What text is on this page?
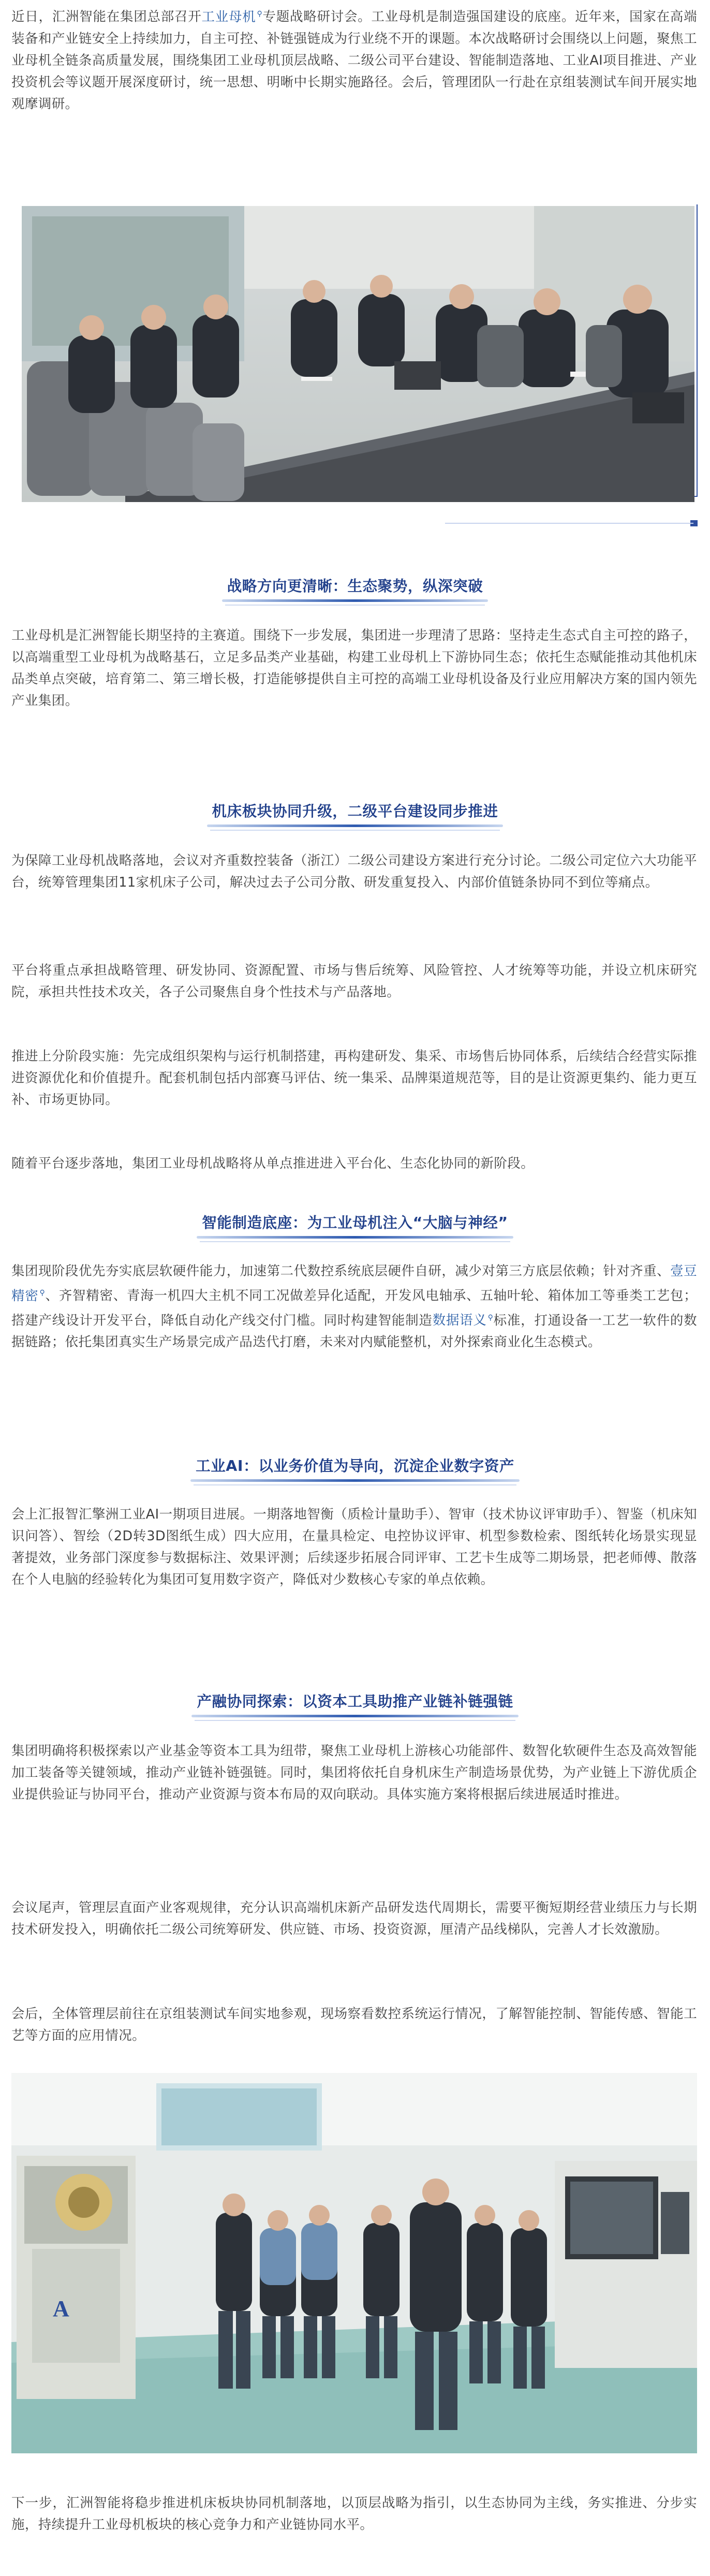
近日，汇洲智能在集团总部召开工业母机 ⚲专题战略研讨会。工业母机是制造强国建设的底座。近年来，国家在高端装备和产业链安全上持续加力，自主可控、补链强链成为行业绕不开的课题。本次战略研讨会围绕以上问题，聚焦工业母机全链条高质量发展，围绕集团工业母机顶层战略、二级公司平台建设、智能制造落地、工业AI项目推进、产业投资机会等议题开展深度研讨，统一思想、明晰中长期实施路径。会后，管理团队一行赴在京组装测试车间开展实地观摩调研。

战略方向更清晰：生态聚势，纵深突破

工业母机是汇洲智能长期坚持的主赛道。围绕下一步发展，集团进一步理清了思路：坚持走生态式自主可控的路子，以高端重型工业母机为战略基石，立足多品类产业基础，构建工业母机上下游协同生态；依托生态赋能推动其他机床品类单点突破，培育第二、第三增长极，打造能够提供自主可控的高端工业母机设备及行业应用解决方案的国内领先产业集团。

机床板块协同升级，二级平台建设同步推进

为保障工业母机战略落地，会议对齐重数控装备（浙江）二级公司建设方案进行充分讨论。二级公司定位六大功能平台，统筹管理集团11家机床子公司，解决过去子公司分散、研发重复投入、内部价值链条协同不到位等痛点。

平台将重点承担战略管理、研发协同、资源配置、市场与售后统筹、风险管控、人才统筹等功能，并设立机床研究院，承担共性技术攻关，各子公司聚焦自身个性技术与产品落地。

推进上分阶段实施：先完成组织架构与运行机制搭建，再构建研发、集采、市场售后协同体系，后续结合经营实际推进资源优化和价值提升。配套机制包括内部赛马评估、统一集采、品牌渠道规范等，目的是让资源更集约、能力更互补、市场更协同。

随着平台逐步落地，集团工业母机战略将从单点推进进入平台化、生态化协同的新阶段。

智能制造底座：为工业母机注入“大脑与神经”

集团现阶段优先夯实底层软硬件能力，加速第二代数控系统底层硬件自研，减少对第三方底层依赖；针对齐重、壹豆精密 ⚲、齐智精密、青海一机四大主机不同工况做差异化适配，开发风电轴承、五轴叶轮、箱体加工等垂类工艺包；搭建产线设计开发平台，降低自动化产线交付门槛。同时构建智能制造数据语义 ⚲标准，打通设备一工艺一软件的数据链路；依托集团真实生产场景完成产品迭代打磨，未来对内赋能整机，对外探索商业化生态模式。

工业AI：以业务价值为导向，沉淀企业数字资产

会上汇报智汇擎洲工业AI一期项目进展。一期落地智衡（质检计量助手）、智审（技术协议评审助手）、智鉴（机床知识问答）、智绘（2D转3D图纸生成）四大应用，在量具检定、电控协议评审、机型参数检索、图纸转化场景实现显著提效，业务部门深度参与数据标注、效果评测；后续逐步拓展合同评审、工艺卡生成等二期场景，把老师傅、散落在个人电脑的经验转化为集团可复用数字资产，降低对少数核心专家的单点依赖。

产融协同探索：以资本工具助推产业链补链强链

集团明确将积极探索以产业基金等资本工具为纽带，聚焦工业母机上游核心功能部件、数智化软硬件生态及高效智能加工装备等关键领域，推动产业链补链强链。同时，集团将依托自身机床生产制造场景优势，为产业链上下游优质企业提供验证与协同平台，推动产业资源与资本布局的双向联动。具体实施方案将根据后续进展适时推进。

会议尾声，管理层直面产业客观规律，充分认识高端机床新产品研发迭代周期长，需要平衡短期经营业绩压力与长期技术研发投入，明确依托二级公司统筹研发、供应链、市场、投资资源，厘清产品线梯队，完善人才长效激励。

会后，全体管理层前往在京组装测试车间实地参观，现场察看数控系统运行情况，了解智能控制、智能传感、智能工艺等方面的应用情况。

A

下一步，汇洲智能将稳步推进机床板块协同机制落地，以顶层战略为指引，以生态协同为主线，务实推进、分步实施，持续提升工业母机板块的核心竞争力和产业链协同水平。
